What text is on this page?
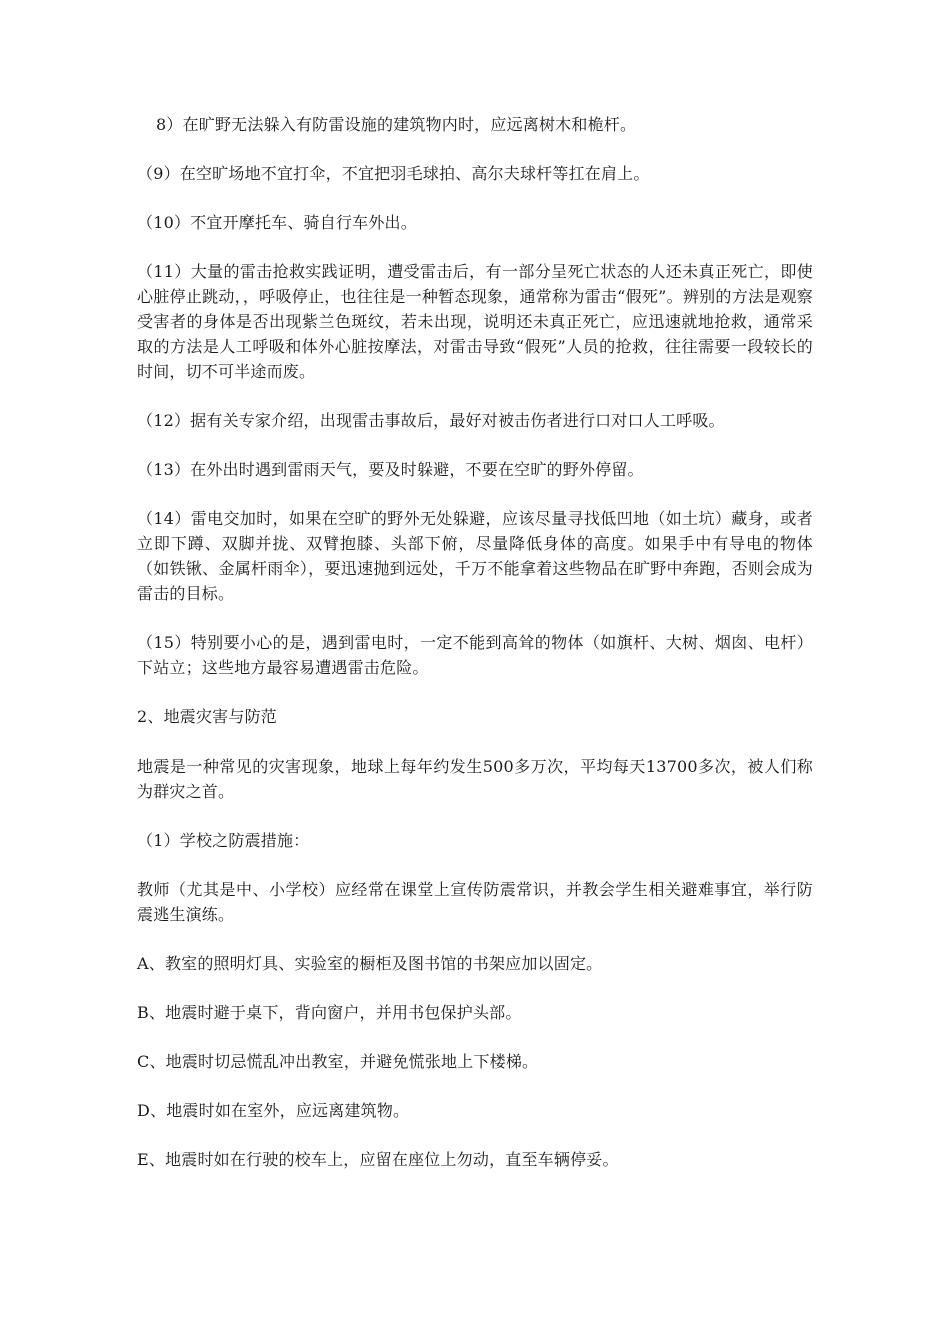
8）在旷野无法躲入有防雷设施的建筑物内时，应远离树木和桅杆。

（9）在空旷场地不宜打伞，不宜把羽毛球拍、高尔夫球杆等扛在肩上。

（10）不宜开摩托车、骑自行车外出。

（11）大量的雷击抢救实践证明，遭受雷击后，有一部分呈死亡状态的人还未真正死亡，即使心脏停止跳动，，呼吸停止，也往往是一种暂态现象，通常称为雷击“假死”。辨别的方法是观察受害者的身体是否出现紫兰色斑纹，若未出现，说明还未真正死亡，应迅速就地抢救，通常采取的方法是人工呼吸和体外心脏按摩法，对雷击导致“假死”人员的抢救，往往需要一段较长的时间，切不可半途而废。

（12）据有关专家介绍，出现雷击事故后，最好对被击伤者进行口对口人工呼吸。

（13）在外出时遇到雷雨天气，要及时躲避，不要在空旷的野外停留。

（14）雷电交加时，如果在空旷的野外无处躲避，应该尽量寻找低凹地（如土坑）藏身，或者立即下蹲、双脚并拢、双臂抱膝、头部下俯，尽量降低身体的高度。如果手中有导电的物体（如铁锹、金属杆雨伞），要迅速抛到远处，千万不能拿着这些物品在旷野中奔跑，否则会成为雷击的目标。

（15）特别要小心的是，遇到雷电时，一定不能到高耸的物体（如旗杆、大树、烟囱、电杆）下站立；这些地方最容易遭遇雷击危险。

2、地震灾害与防范

地震是一种常见的灾害现象，地球上每年约发生500多万次，平均每天13700多次，被人们称为群灾之首。

（1）学校之防震措施：

教师（尤其是中、小学校）应经常在课堂上宣传防震常识，并教会学生相关避难事宜，举行防震逃生演练。

A、教室的照明灯具、实验室的橱柜及图书馆的书架应加以固定。

B、地震时避于桌下，背向窗户，并用书包保护头部。

C、地震时切忌慌乱冲出教室，并避免慌张地上下楼梯。

D、地震时如在室外，应远离建筑物。

E、地震时如在行驶的校车上，应留在座位上勿动，直至车辆停妥。
